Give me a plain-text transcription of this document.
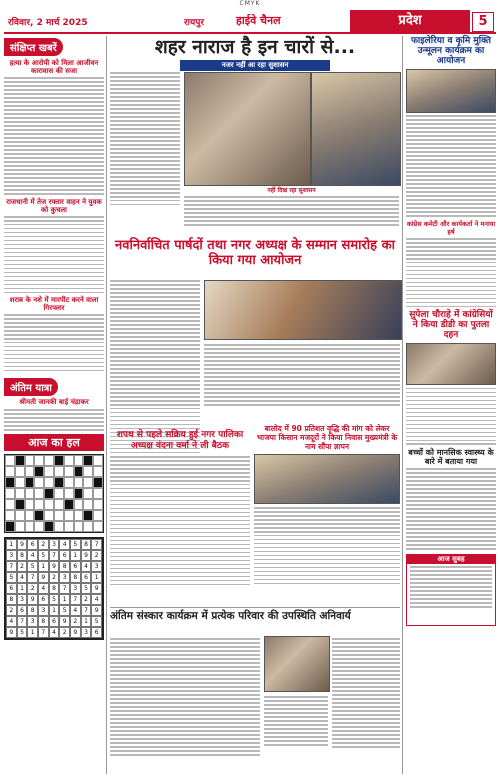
CMYK
रविवार, 2 मार्च 2025	रायपुर	हाईवे चैनल	प्रदेश	5
संक्षिप्त खबरें
हत्या के आरोपी को मिला आजीवन कारावास की सजा
राजधानी में तेज रफ्तार वाहन ने युवक को कुचला
शराब के नशे में मारपीट करने वाला गिरफ्तार
अंतिम यात्रा
श्रीमती जानकी बाई चंद्राकर
आज का हल
1	9	6	2	3	4	5	8	7
3	8	4	5	7	6	1	9	2
7	2	5	1	9	8	6	4	3
5	4	7	9	2	3	8	6	1
6	1	2	4	8	7	3	5	9
8	3	9	6	5	1	7	2	4
2	6	8	3	1	5	4	7	9
4	7	3	8	6	9	2	1	5
9	5	1	7	4	2	9	3	6
शहर नाराज है इन चारों से...
नजर नहीं आ रहा सुशासन
नहीं दिख रहा सुशासन
नवनिर्वाचित पार्षदों तथा नगर अध्यक्ष के सम्मान समारोह का किया गया आयोजन
शपथ से पहले सक्रिय हुई नगर पालिका अध्यक्ष वंदना वर्मा ने ली बैठक
बालोद में 90 प्रतिशत वृद्धि की मांग को लेकर भाजपा किसान मजदूरों ने किया निवास मुख्यमंत्री के नाम सौंपा ज्ञापन
अंतिम संस्कार कार्यक्रम में प्रत्येक परिवार की उपस्थिति अनिवार्य
फाइलेरिया व कृमि मुक्ति उन्मूलन कार्यक्रम का आयोजन
कांग्रेस कमेटी और कार्यकर्ता ने मनाया हर्ष
सुपेला चौराहे में कांग्रेसियों ने किया डीडी का पुतला दहन
बच्चों को मानसिक स्वास्थ्य के बारे में बताया गया
आज सुबह
